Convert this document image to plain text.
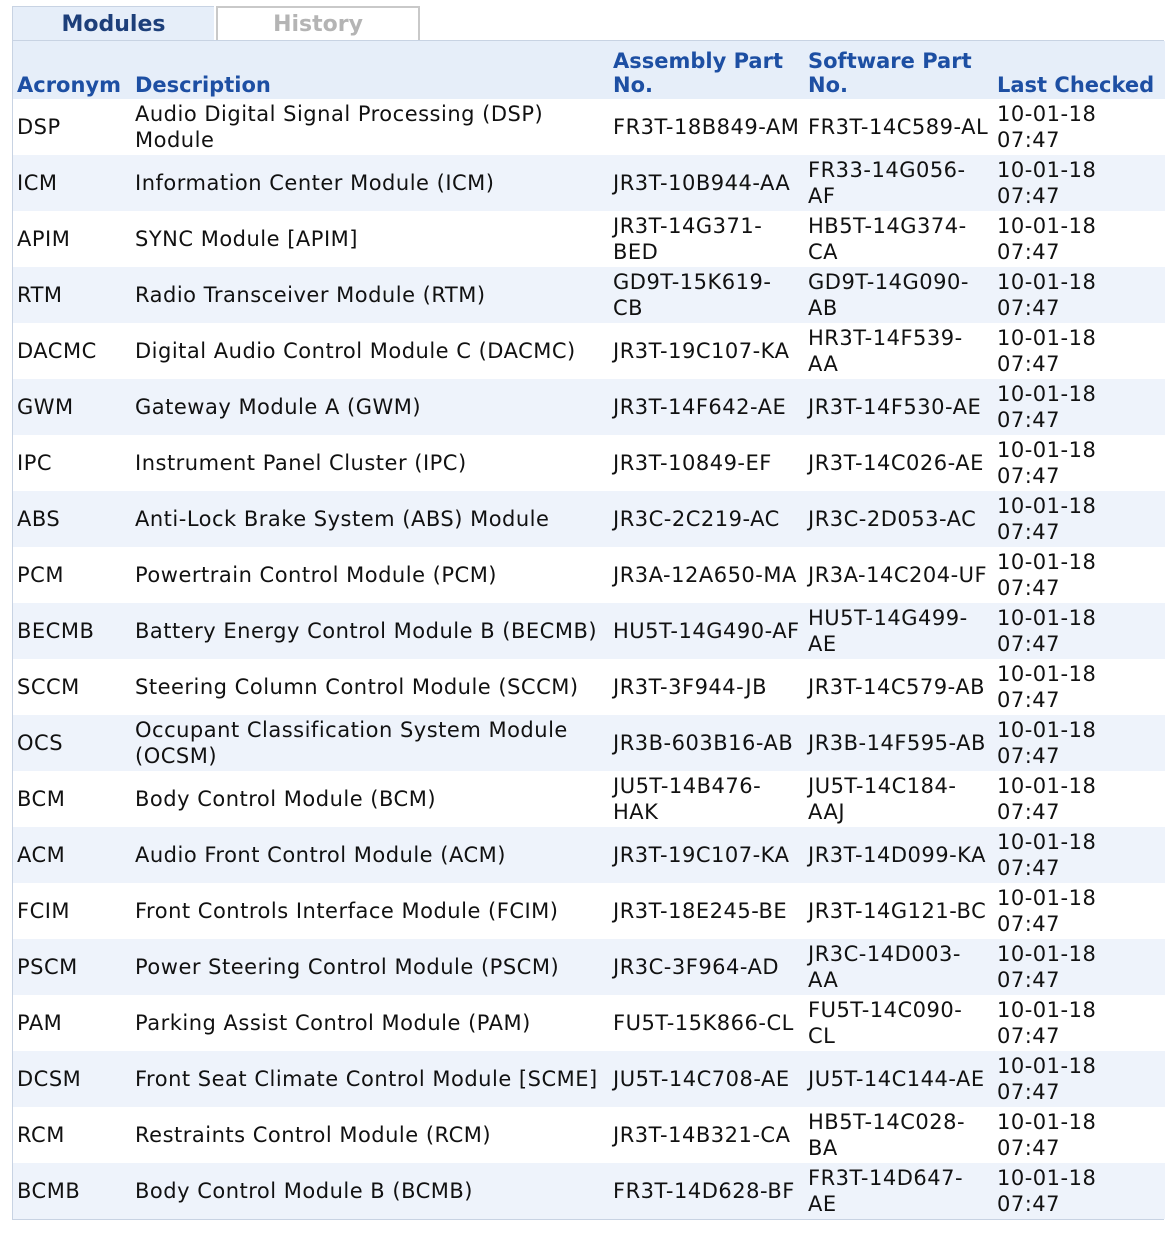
Modules	History
Acronym	Description	Assembly Part No.	Software Part No.	Last Checked
DSP	Audio Digital Signal Processing (DSP) Module	FR3T-18B849-AM	FR3T-14C589-AL	10-01-18 07:47
ICM	Information Center Module (ICM)	JR3T-10B944-AA	FR33-14G056-AF	10-01-18 07:47
APIM	SYNC Module [APIM]	JR3T-14G371-BED	HB5T-14G374-CA	10-01-18 07:47
RTM	Radio Transceiver Module (RTM)	GD9T-15K619-CB	GD9T-14G090-AB	10-01-18 07:47
DACMC	Digital Audio Control Module C (DACMC)	JR3T-19C107-KA	HR3T-14F539-AA	10-01-18 07:47
GWM	Gateway Module A (GWM)	JR3T-14F642-AE	JR3T-14F530-AE	10-01-18 07:47
IPC	Instrument Panel Cluster (IPC)	JR3T-10849-EF	JR3T-14C026-AE	10-01-18 07:47
ABS	Anti-Lock Brake System (ABS) Module	JR3C-2C219-AC	JR3C-2D053-AC	10-01-18 07:47
PCM	Powertrain Control Module (PCM)	JR3A-12A650-MA	JR3A-14C204-UF	10-01-18 07:47
BECMB	Battery Energy Control Module B (BECMB)	HU5T-14G490-AF	HU5T-14G499-AE	10-01-18 07:47
SCCM	Steering Column Control Module (SCCM)	JR3T-3F944-JB	JR3T-14C579-AB	10-01-18 07:47
OCS	Occupant Classification System Module (OCSM)	JR3B-603B16-AB	JR3B-14F595-AB	10-01-18 07:47
BCM	Body Control Module (BCM)	JU5T-14B476-HAK	JU5T-14C184-AAJ	10-01-18 07:47
ACM	Audio Front Control Module (ACM)	JR3T-19C107-KA	JR3T-14D099-KA	10-01-18 07:47
FCIM	Front Controls Interface Module (FCIM)	JR3T-18E245-BE	JR3T-14G121-BC	10-01-18 07:47
PSCM	Power Steering Control Module (PSCM)	JR3C-3F964-AD	JR3C-14D003-AA	10-01-18 07:47
PAM	Parking Assist Control Module (PAM)	FU5T-15K866-CL	FU5T-14C090-CL	10-01-18 07:47
DCSM	Front Seat Climate Control Module [SCME]	JU5T-14C708-AE	JU5T-14C144-AE	10-01-18 07:47
RCM	Restraints Control Module (RCM)	JR3T-14B321-CA	HB5T-14C028-BA	10-01-18 07:47
BCMB	Body Control Module B (BCMB)	FR3T-14D628-BF	FR3T-14D647-AE	10-01-18 07:47
